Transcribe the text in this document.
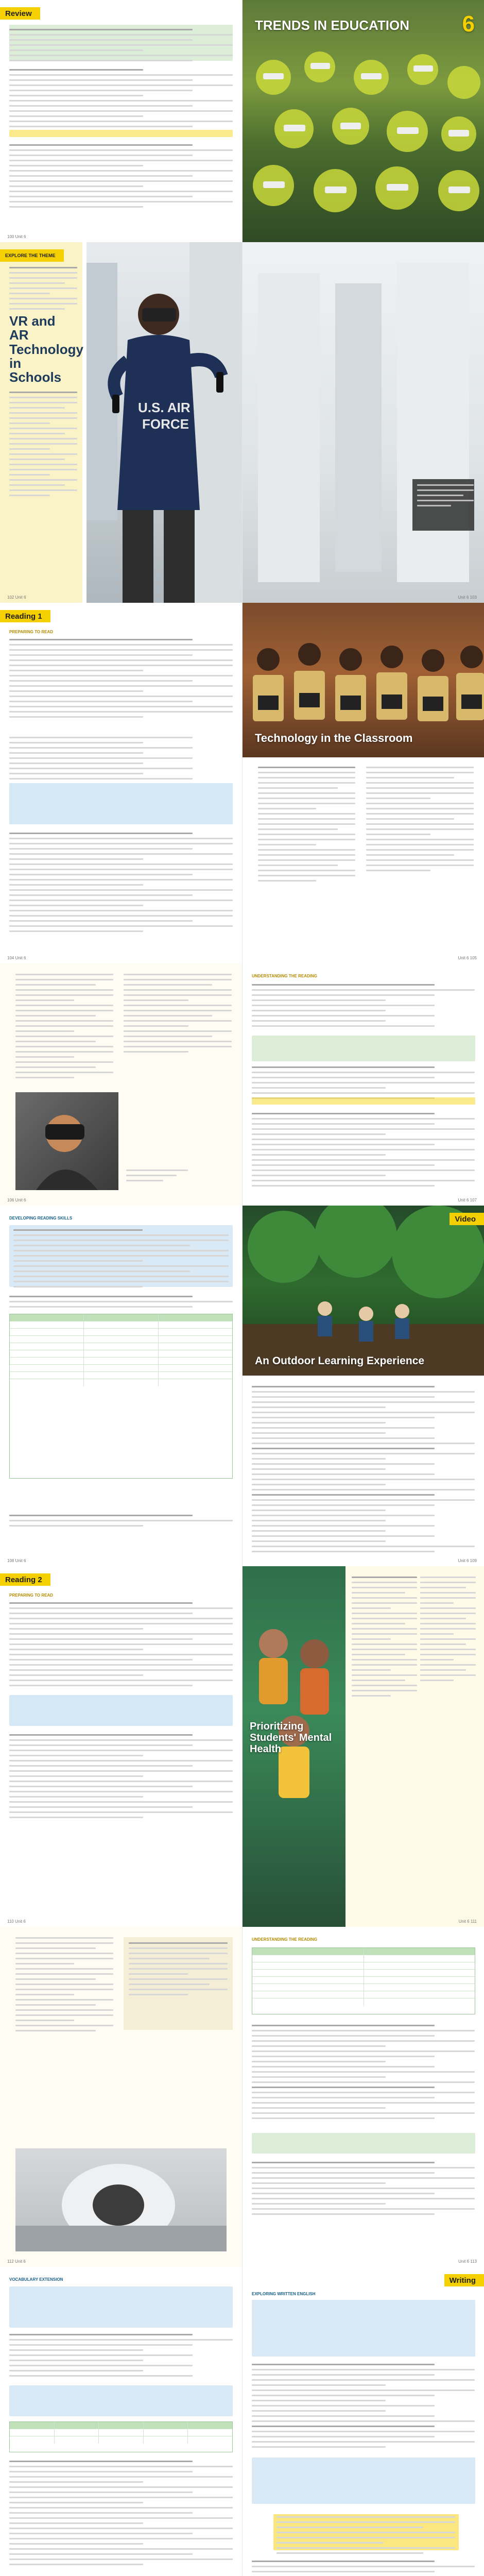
Review
100 Unit 6
TRENDS IN EDUCATION	6
EXPLORE THE THEME
VR and AR Technology in Schools
U.S. AIR
FORCE
102 Unit 6	Unit 6 103
Reading 1
PREPARING TO READ
104 Unit 6
Technology in the Classroom
Unit 6 105
106 Unit 6
UNDERSTANDING THE READING
Unit 6 107
DEVELOPING READING SKILLS
108 Unit 6
Video
An Outdoor Learning Experience
Unit 6 109
Reading 2
PREPARING TO READ
110 Unit 6
Prioritizing Students' Mental Health
Unit 6 111
112 Unit 6
UNDERSTANDING THE READING
Unit 6 113
VOCABULARY EXTENSION	Writing
EXPLORING WRITTEN ENGLISH
